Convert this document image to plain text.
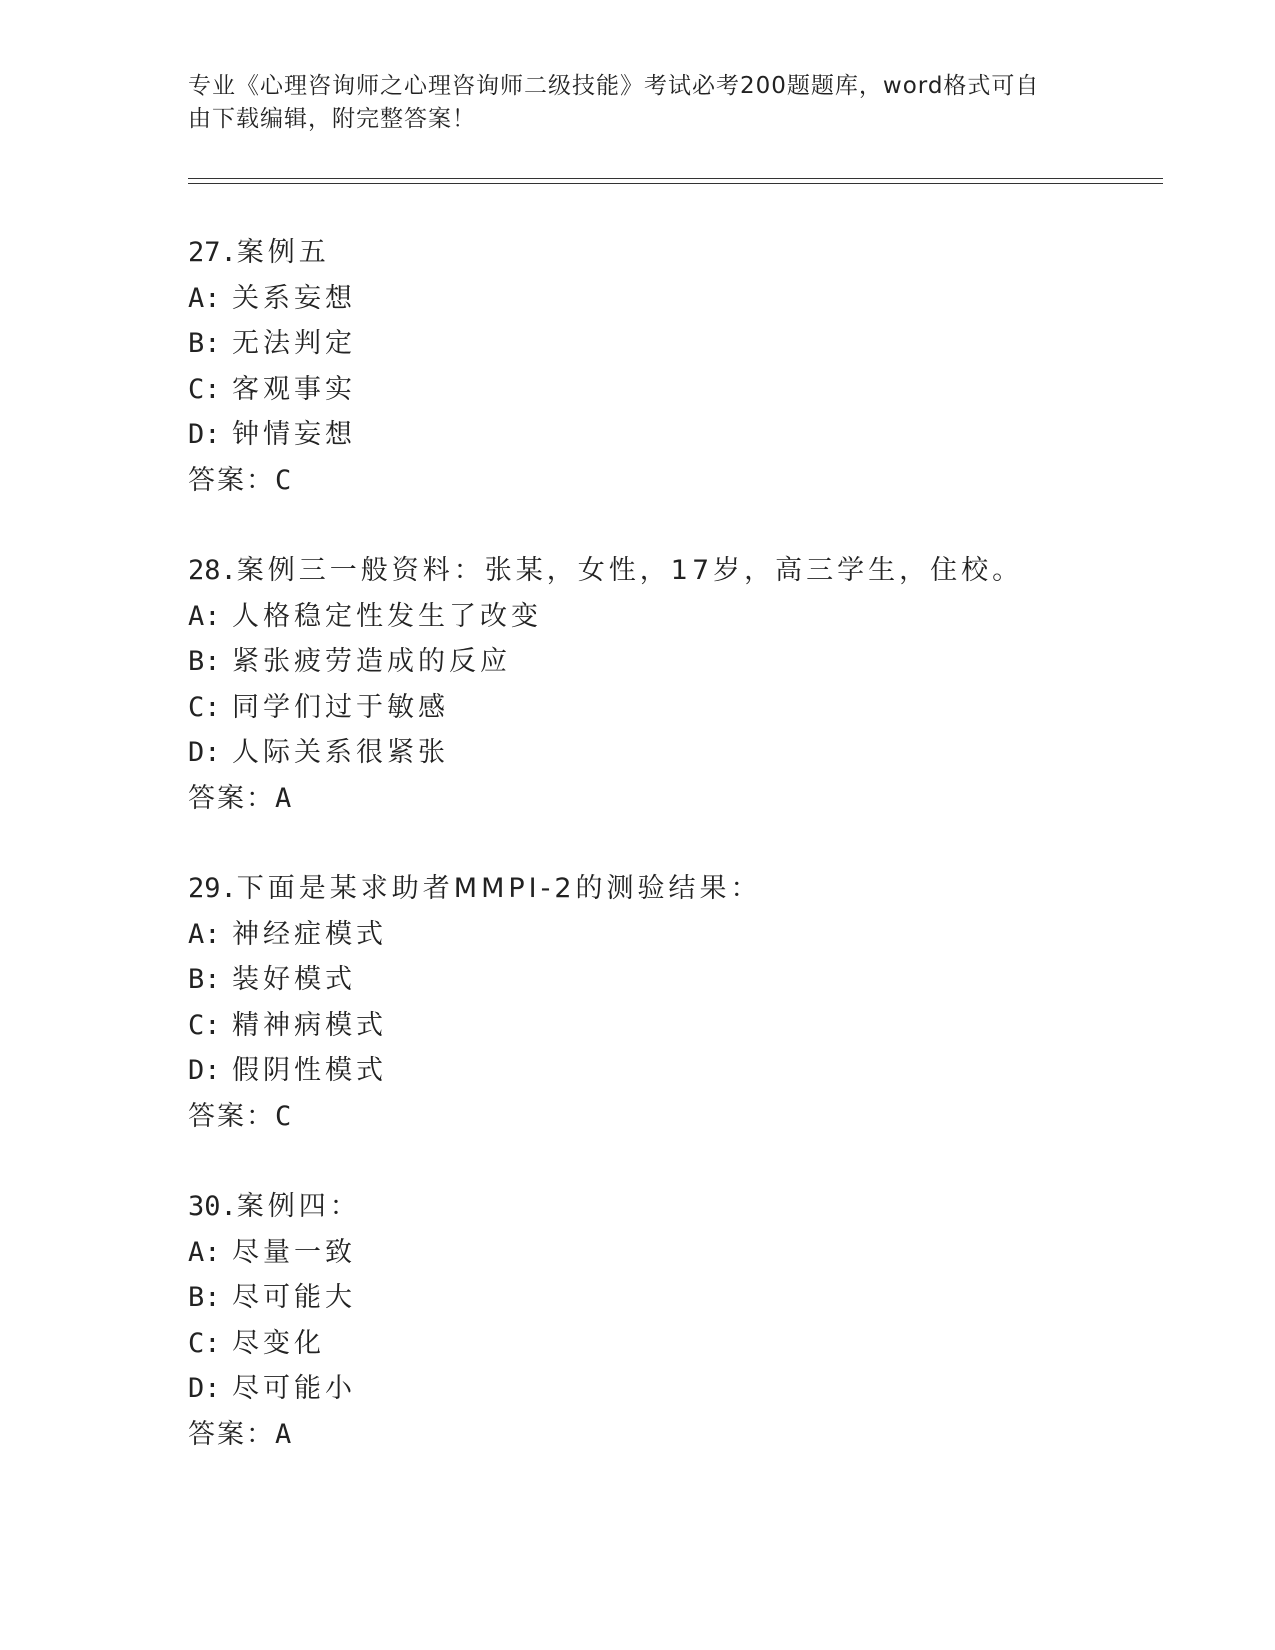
专业《心理咨询师之心理咨询师二级技能》考试必考200题题库，word格式可自
由下载编辑，附完整答案！
27.案例五
A: 关系妄想
B: 无法判定
C: 客观事实
D: 钟情妄想
答案：C
28.案例三一般资料：张某，女性，17岁，高三学生，住校。
A: 人格稳定性发生了改变
B: 紧张疲劳造成的反应
C: 同学们过于敏感
D: 人际关系很紧张
答案：A
29.下面是某求助者MMPI-2的测验结果：
A: 神经症模式
B: 装好模式
C: 精神病模式
D: 假阴性模式
答案：C
30.案例四：
A: 尽量一致
B: 尽可能大
C: 尽变化
D: 尽可能小
答案：A
